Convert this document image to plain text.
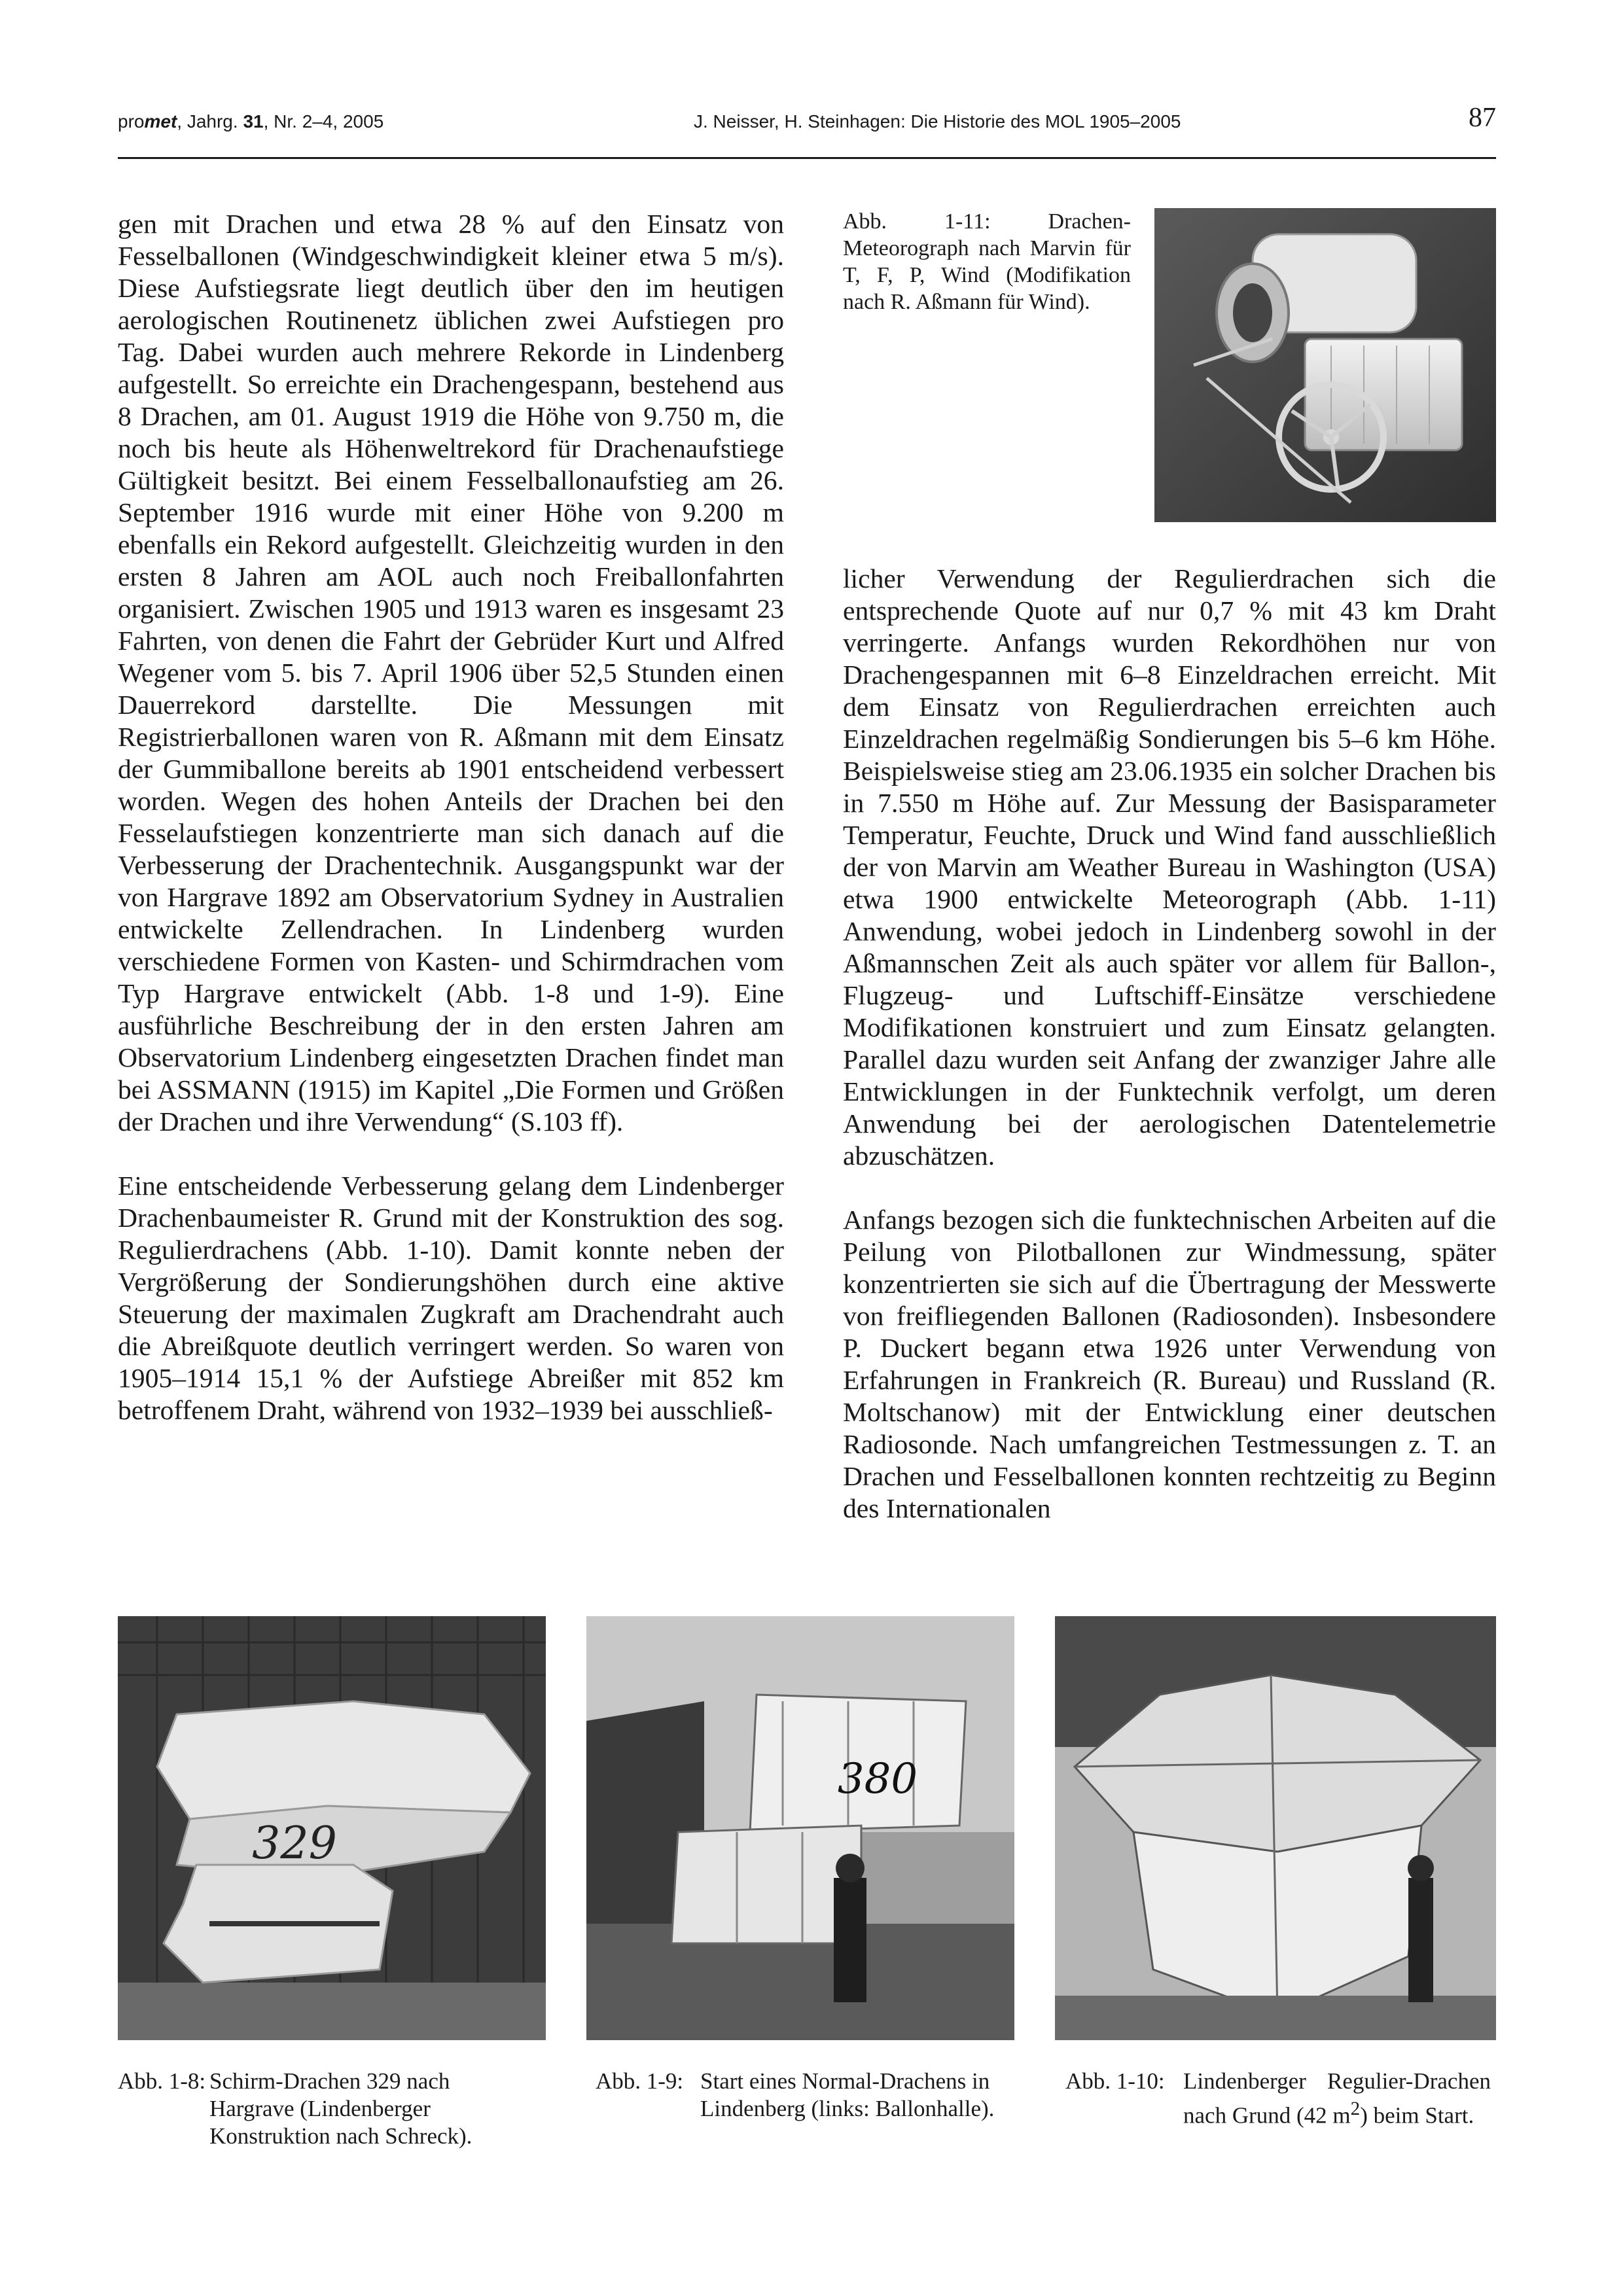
promet, Jahrg. 31, Nr. 2–4, 2005	J. Neisser, H. Steinhagen: Die Historie des MOL 1905–2005	87

gen mit Drachen und etwa 28 % auf den Einsatz von Fesselballonen (Windgeschwindigkeit kleiner etwa 5 m/s). Diese Aufstiegsrate liegt deutlich über den im heutigen aerologischen Routinenetz üblichen zwei Aufstiegen pro Tag. Dabei wurden auch mehrere Rekorde in Lindenberg aufgestellt. So erreichte ein Drachengespann, bestehend aus 8 Drachen, am 01. August 1919 die Höhe von 9.750 m, die noch bis heute als Höhenweltrekord für Drachenaufstiege Gültigkeit besitzt. Bei einem Fesselballonaufstieg am 26. September 1916 wurde mit einer Höhe von 9.200 m ebenfalls ein Rekord aufgestellt. Gleichzeitig wurden in den ersten 8 Jahren am AOL auch noch Freiballonfahrten organisiert. Zwischen 1905 und 1913 waren es insgesamt 23 Fahrten, von denen die Fahrt der Gebrüder Kurt und Alfred Wegener vom 5. bis 7. April 1906 über 52,5 Stunden einen Dauerrekord darstellte. Die Messungen mit Registrierballonen waren von R. Aßmann mit dem Einsatz der Gummiballone bereits ab 1901 entscheidend verbessert worden. Wegen des hohen Anteils der Drachen bei den Fesselaufstiegen konzentrierte man sich danach auf die Verbesserung der Drachentechnik. Ausgangspunkt war der von Hargrave 1892 am Observatorium Sydney in Australien entwickelte Zellendrachen. In Lindenberg wurden verschiedene Formen von Kasten- und Schirmdrachen vom Typ Hargrave entwickelt (Abb. 1-8 und 1-9). Eine ausführliche Beschreibung der in den ersten Jahren am Observatorium Lindenberg eingesetzten Drachen findet man bei ASSMANN (1915) im Kapitel „Die Formen und Größen der Drachen und ihre Verwendung“ (S.103 ff).

Eine entscheidende Verbesserung gelang dem Lindenberger Drachenbaumeister R. Grund mit der Konstruktion des sog. Regulierdrachens (Abb. 1-10). Damit konnte neben der Vergrößerung der Sondierungshöhen durch eine aktive Steuerung der maximalen Zugkraft am Drachendraht auch die Abreißquote deutlich verringert werden. So waren von 1905–1914 15,1 % der Aufstiege Abreißer mit 852 km betroffenem Draht, während von 1932–1939 bei ausschließ-

Abb. 1-11:	Drachen-Meteorograph nach Marvin für T, F, P, Wind (Modifikation nach R. Aßmann für Wind).

licher Verwendung der Regulierdrachen sich die entsprechende Quote auf nur 0,7 % mit 43 km Draht verringerte. Anfangs wurden Rekordhöhen nur von Drachengespannen mit 6–8 Einzeldrachen erreicht. Mit dem Einsatz von Regulierdrachen erreichten auch Einzeldrachen regelmäßig Sondierungen bis 5–6 km Höhe. Beispielsweise stieg am 23.06.1935 ein solcher Drachen bis in 7.550 m Höhe auf. Zur Messung der Basisparameter Temperatur, Feuchte, Druck und Wind fand ausschließlich der von Marvin am Weather Bureau in Washington (USA) etwa 1900 entwickelte Meteorograph (Abb. 1-11) Anwendung, wobei jedoch in Lindenberg sowohl in der Aßmannschen Zeit als auch später vor allem für Ballon-, Flugzeug- und Luftschiff-Einsätze verschiedene Modifikationen konstruiert und zum Einsatz gelangten. Parallel dazu wurden seit Anfang der zwanziger Jahre alle Entwicklungen in der Funktechnik verfolgt, um deren Anwendung bei der aerologischen Datentelemetrie abzuschätzen.

Anfangs bezogen sich die funktechnischen Arbeiten auf die Peilung von Pilotballonen zur Windmessung, später konzentrierten sie sich auf die Übertragung der Messwerte von freifliegenden Ballonen (Radiosonden). Insbesondere P. Duckert begann etwa 1926 unter Verwendung von Erfahrungen in Frankreich (R. Bureau) und Russland (R. Moltschanow) mit der Entwicklung einer deutschen Radiosonde. Nach umfangreichen Testmessungen z. T. an Drachen und Fesselballonen konnten rechtzeitig zu Beginn des Internationalen

329
380
Abb. 1-8: Schirm-Drachen 329 nach Hargrave (Lindenberger Konstruktion nach Schreck).
Abb. 1-9: Start eines Normal-Drachens in Lindenberg (links: Ballonhalle).
Abb. 1-10: Lindenberger Regulier-Drachen nach Grund (42 $m^2$) beim Start.
